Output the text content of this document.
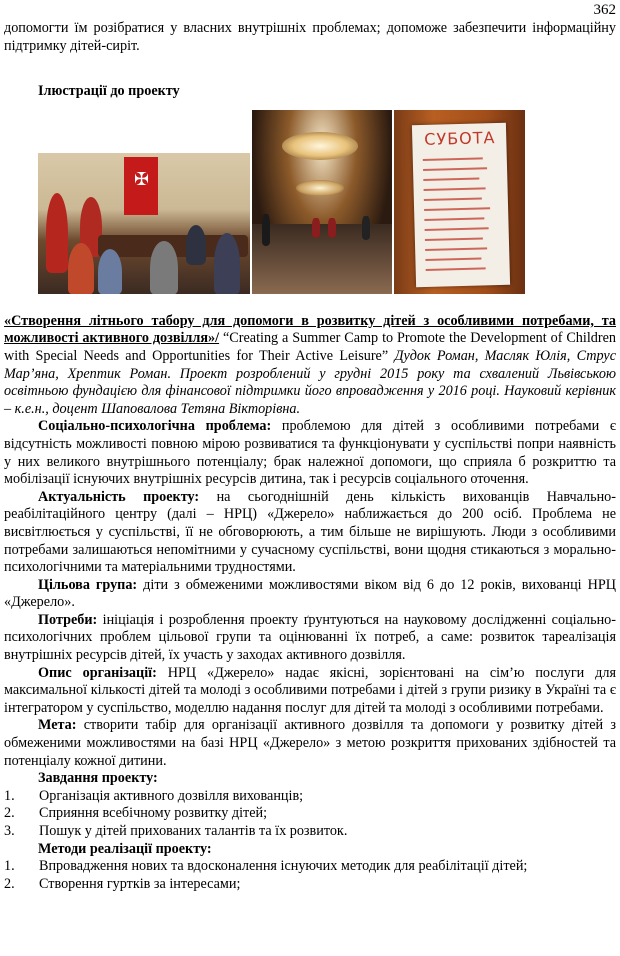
362

допомогти їм розібратися у власних внутрішніх проблемах; допоможе забезпечити інформаційну підтримку дітей-сиріт.

Ілюстрації до проекту

✠
СУБОТА

«Створення літнього табору для допомоги в розвитку дітей з особливими потребами, та можливості активного дозвілля»/ “Creating a Summer Camp to Promote the Development of Children with Special Needs and Opportunities for Their Active Leisure” Дудок Роман, Масляк Юлія, Струс Мар’яна, Хрептик Роман. Проект розроблений у грудні 2015 року та схвалений Львівською освітньою фундацією для фінансової підтримки його впровадження у 2016 році. Науковий керівник – к.е.н., доцент Шаповалова Тетяна Вікторівна.

Соціально-психологічна проблема: проблемою для дітей з особливими потребами є відсутність можливості повною мірою розвиватися та функціонувати у суспільстві попри наявність у них великого внутрішнього потенціалу; брак належної допомоги, що сприяла б розкриттю та мобілізації існуючих внутрішніх ресурсів дитина, так і ресурсів соціального оточення.

Актуальність проекту: на сьогоднішній день кількість вихованців Навчально-реабілітаційного центру (далі – НРЦ) «Джерело» наближається до 200 осіб. Проблема не висвітлюється у суспільстві, її не обговорюють, а тим більше не вирішують. Люди з особливими потребами залишаються непомітними у сучасному суспільстві, вони щодня стикаються з морально-психологічними та матеріальними трудностями.

Цільова група: діти з обмеженими можливостями віком від 6 до 12 років, вихованці НРЦ «Джерело».

Потреби: ініціація і розроблення проекту ґрунтуються на науковому дослідженні соціально-психологічних проблем цільової групи та оцінюванні їх потреб, а саме: розвиток тареалізація внутрішніх ресурсів дітей, їх участь у заходах активного дозвілля.

Опис організації: НРЦ «Джерело» надає якісні, зорієнтовані на сім’ю послуги для максимальної кількості дітей та молоді з особливими потребами і дітей з групи ризику в Україні та є інтегратором у суспільство, моделлю надання послуг для дітей та молоді з особливими потребами.

Мета: створити табір для організації активного дозвілля та допомоги у розвитку дітей з обмеженими можливостями на базі НРЦ «Джерело» з метою розкриття прихованих здібностей та потенціалу кожної дитини.

Завдання проекту:

1. Організація активного дозвілля вихованців;
2. Сприяння всебічному розвитку дітей;
3. Пошук у дітей прихованих талантів та їх розвиток.

Методи реалізації проекту:

1. Впровадження нових та вдосконалення існуючих методик для реабілітації дітей;
2. Створення гуртків за інтересами;
